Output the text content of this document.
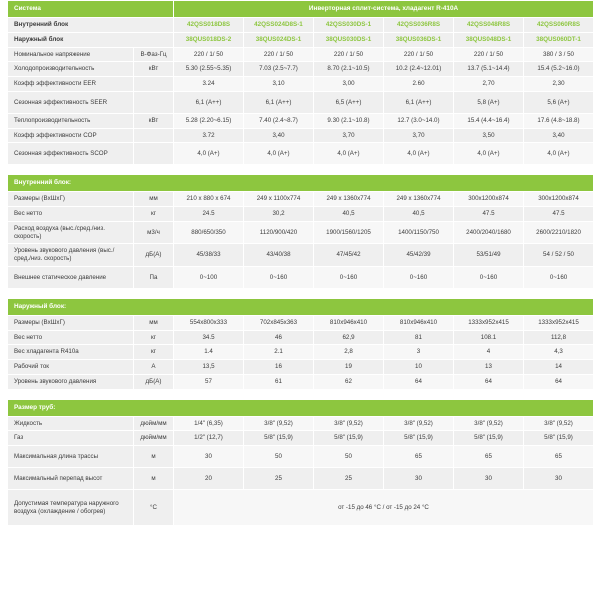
Система		Инверторная сплит-система, хладагент R-410A					
Внутренний блок		42QSS018D8S	42QSS024D8S-1	42QSS030DS-1	42QSS036R8S	42QSS048R8S	42QSS060R8S
Наружный блок		38QUS018DS-2	38QUS024DS-1	38QUS030DS-1	38QUS036DS-1	38QUS048DS-1	38QUS060DT-1
Номинальное напряжение	В-Фаз-Гц	220 / 1/ 50	220 / 1/ 50	220 / 1/ 50	220 / 1/ 50	220 / 1/ 50	380 / 3 / 50
Холодопроизводительность	кВт	5.30 (2.55~5.35)	7.03 (2.5~7.7)	8.70 (2.1~10.5)	10.2 (2.4~12.01)	13.7 (5.1~14.4)	15.4 (5.2~16.0)
Коэфф эффективности EER		3.24	3,10	3,00	2.60	2,70	2,30
Сезонная эффективность SEER		6,1 (A++)	6,1 (A++)	6,5 (A++)	6,1 (A++)	5,8 (A+)	5,6 (A+)
Теплопроизводительность	кВт	5.28 (2.20~6.15)	7.40 (2.4~8.7)	9.30 (2.1~10.8)	12.7 (3.0~14.0)	15.4 (4.4~16.4)	17.6 (4.8~18.8)
Коэфф эффективности COP		3.72	3,40	3,70	3,70	3,50	3,40
Сезонная эффективность SCOP		4,0 (A+)	4,0 (A+)	4,0 (A+)	4,0 (A+)	4,0 (A+)	4,0 (A+)
Внутренний блок:							
Размеры (ВxШxГ)	мм	210 x 880 x 674	249 x 1100x774	249 x 1360x774	249 x 1360x774	300x1200x874	300x1200x874
Вес нетто	кг	24.5	30,2	40,5	40,5	47.5	47.5
Расход воздуха (выс./сред./низ. скорость)	м3/ч	880/650/350	1120/900/420	1900/1560/1205	1400/1150/750	2400/2040/1680	2600/2210/1820
Уровень звукового давления (выс./сред./низ. скорость)	дБ(А)	45/38/33	43/40/38	47/45/42	45/42/39	53/51/49	54 / 52 / 50
Внешнее статическое давление	Па	0~100	0~160	0~160	0~160	0~160	0~160
Наружный блок:							
Размеры (ВxШxГ)	мм	554x800x333	702x845x363	810x946x410	810x946x410	1333x952x415	1333x952x415
Вес нетто	кг	34.5	46	62,9	81	108.1	112,8
Вес хладагента R410a	кг	1.4	2.1	2,8	3	4	4,3
Рабочий ток	А	13,5	16	19	10	13	14
Уровень звукового давления	дБ(А)	57	61	62	64	64	64
Размер труб:							
Жидкость	дюйм/мм	1/4" (6,35)	3/8" (9,52)	3/8" (9,52)	3/8" (9,52)	3/8" (9,52)	3/8" (9,52)
Газ	дюйм/мм	1/2" (12,7)	5/8" (15,9)	5/8" (15,9)	5/8" (15,9)	5/8" (15,9)	5/8" (15,9)
Максимальная длина трассы	м	30	50	50	65	65	65
Максимальный перепад высот	м	20	25	25	30	30	30
Допустимая температура наружного воздуха (охлаждение / обогрев)	°C	от -15 до 46 °C / от -15 до 24 °C					
